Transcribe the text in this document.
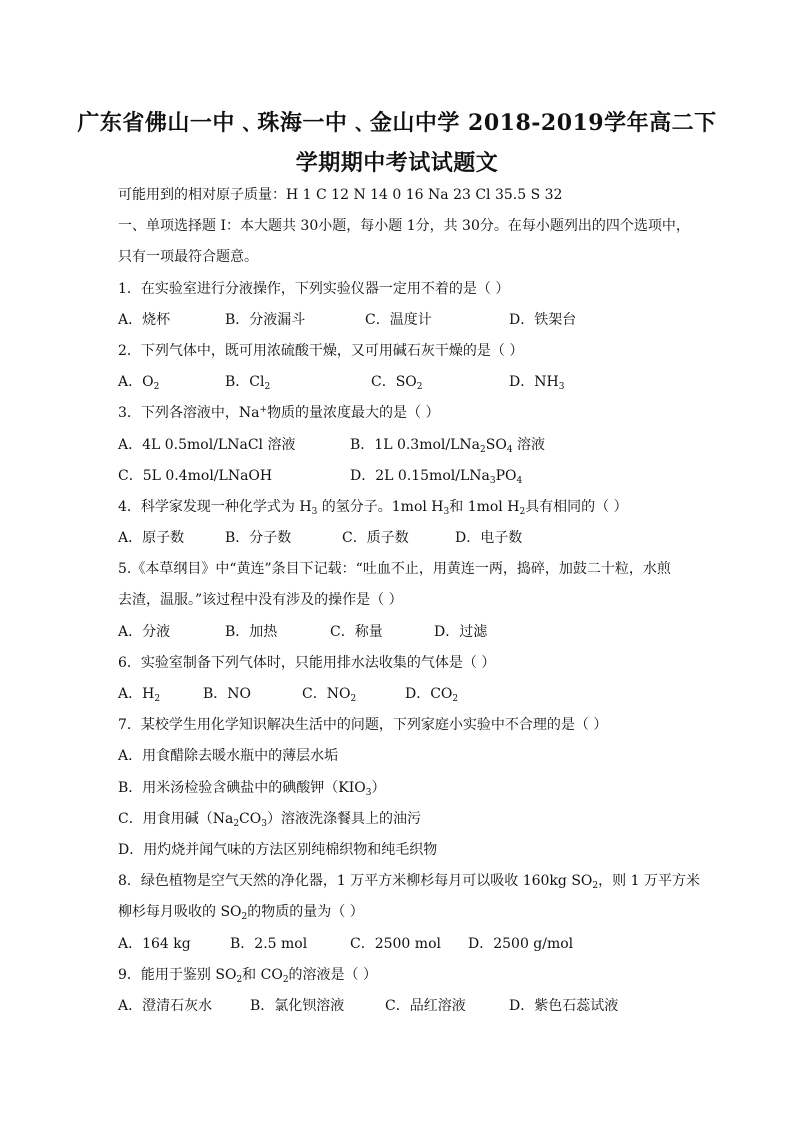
广东省佛山一中﹑珠海一中﹑金山中学 2018-2019学年高二下
学期期中考试试题文
可能用到的相对原子质量：H 1 C 12 N 14 0 16 Na 23 Cl 35.5 S 32
一、单项选择题 I：本大题共 30小题，每小题 1分，共 30分。在每小题列出的四个选项中，
只有一项最符合题意。
1．在实验室进行分液操作，下列实验仪器一定用不着的是（ ）
A．烧杯	B．分液漏斗	C．温度计	D．铁架台
2．下列气体中，既可用浓硫酸干燥，又可用碱石灰干燥的是（ ）
A．$O_2$	B．$Cl_2$	C．$SO_2$	D．$NH_3$
3．下列各溶液中，Na+物质的量浓度最大的是（ ）
A．4L 0.5mol/LNaCl 溶液	B．1L $0.3mol/LNa_2SO_4$ 溶液
C．5L 0.4mol/LNaOH	D．2L $0.15mol/LNa_3PO_4$
4．科学家发现一种化学式为 $H_3$ 的氢分子。1mol $H_3$和 1mol $H_2$具有相同的（ ）
A．原子数	B．分子数	C．质子数	D．电子数
5.《本草纲目》中“黄连”条目下记载：“吐血不止，用黄连一两，捣碎，加鼓二十粒，水煎
去渣，温服。”该过程中没有涉及的操作是（ ）
A．分液	B．加热	C．称量	D．过滤
6．实验室制备下列气体时，只能用排水法收集的气体是（ ）
A．$H_2$	B．NO	C．$NO_2$	D．$CO_2$
7．某校学生用化学知识解决生活中的问题，下列家庭小实验中不合理的是（ ）
A．用食醋除去暖水瓶中的薄层水垢
B．用米汤检验含碘盐中的碘酸钾$(KIO_3)$
C．用食用碱$(Na_2CO_3)$溶液洗涤餐具上的油污
D．用灼烧并闻气味的方法区别纯棉织物和纯毛织物
8．绿色植物是空气天然的净化器，1 万平方米柳杉每月可以吸收 160kg $SO_2$，则 1 万平方米
柳杉每月吸收的 $SO_2$的物质的量为（ ）
A．164 kg	B．2.5 mol	C．2500 mol D．2500 g/mol
9．能用于鉴别 $SO_2$和 $CO_2$的溶液是（ ）
A．澄清石灰水	B．氯化钡溶液	C．品红溶液	D．紫色石蕊试液
